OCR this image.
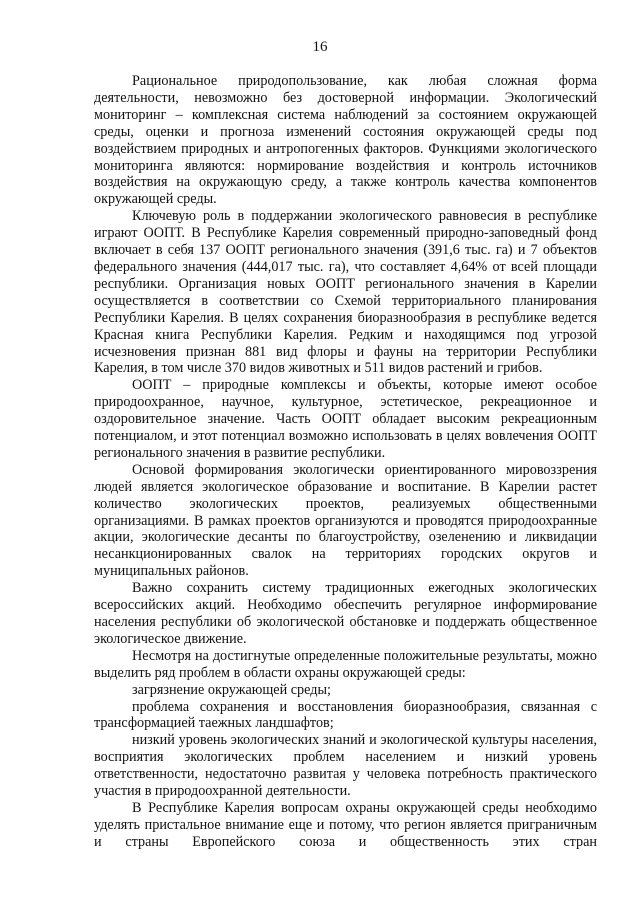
16

Рациональное природопользование, как любая сложная форма деятельности, невозможно без достоверной информации. Экологический мониторинг – комплексная система наблюдений за состоянием окружающей среды, оценки и прогноза изменений состояния окружающей среды под воздействием природных и антропогенных факторов. Функциями экологического мониторинга являются: нормирование воздействия и контроль источников воздействия на окружающую среду, а также контроль качества компонентов окружающей среды.

Ключевую роль в поддержании экологического равновесия в республике играют ООПТ. В Республике Карелия современный природно-заповедный фонд включает в себя 137 ООПТ регионального значения (391,6 тыс. га) и 7 объектов федерального значения (444,017 тыс. га), что составляет 4,64% от всей площади республики. Организация новых ООПТ регионального значения в Карелии осуществляется в соответствии со Схемой территориального планирования Республики Карелия. В целях сохранения биоразнообразия в республике ведется Красная книга Республики Карелия. Редким и находящимся под угрозой исчезновения признан 881 вид флоры и фауны на территории Республики Карелия, в том числе 370 видов животных и 511 видов растений и грибов.

ООПТ – природные комплексы и объекты, которые имеют особое природоохранное, научное, культурное, эстетическое, рекреационное и оздоровительное значение. Часть ООПТ обладает высоким рекреационным потенциалом, и этот потенциал возможно использовать в целях вовлечения ООПТ регионального значения в развитие республики.

Основой формирования экологически ориентированного мировоззрения людей является экологическое образование и воспитание. В Карелии растет количество экологических проектов, реализуемых общественными организациями. В рамках проектов организуются и проводятся природоохранные акции, экологические десанты по благоустройству, озеленению и ликвидации несанкционированных свалок на территориях городских округов и муниципальных районов.

Важно сохранить систему традиционных ежегодных экологических всероссийских акций. Необходимо обеспечить регулярное информирование населения республики об экологической обстановке и поддержать общественное экологическое движение.

Несмотря на достигнутые определенные положительные результаты, можно выделить ряд проблем в области охраны окружающей среды:

загрязнение окружающей среды;

проблема сохранения и восстановления биоразнообразия, связанная с трансформацией таежных ландшафтов;

низкий уровень экологических знаний и экологической культуры населения, восприятия экологических проблем населением и низкий уровень ответственности, недостаточно развитая у человека потребность практического участия в природоохранной деятельности.

В Республике Карелия вопросам охраны окружающей среды необходимо уделять пристальное внимание еще и потому, что регион является приграничным и страны Европейского союза и общественность этих стран
